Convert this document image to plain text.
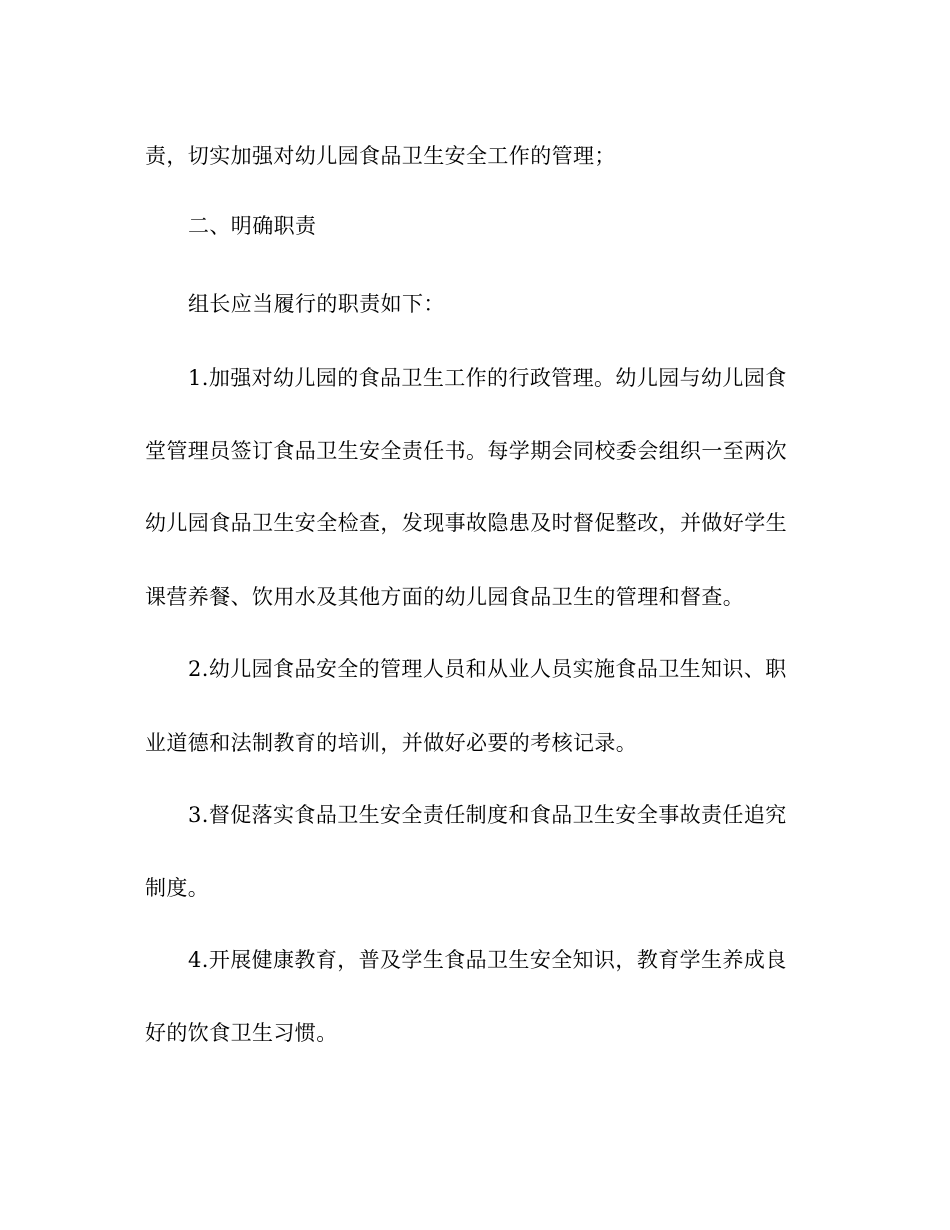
责，切实加强对幼儿园食品卫生安全工作的管理；
二、明确职责
组长应当履行的职责如下：
1.加强对幼儿园的食品卫生工作的行政管理。幼儿园与幼儿园食
堂管理员签订食品卫生安全责任书。每学期会同校委会组织一至两次
幼儿园食品卫生安全检查，发现事故隐患及时督促整改，并做好学生
课营养餐、饮用水及其他方面的幼儿园食品卫生的管理和督查。
2.幼儿园食品安全的管理人员和从业人员实施食品卫生知识、职
业道德和法制教育的培训，并做好必要的考核记录。
3.督促落实食品卫生安全责任制度和食品卫生安全事故责任追究
制度。
4.开展健康教育，普及学生食品卫生安全知识，教育学生养成良
好的饮食卫生习惯。
